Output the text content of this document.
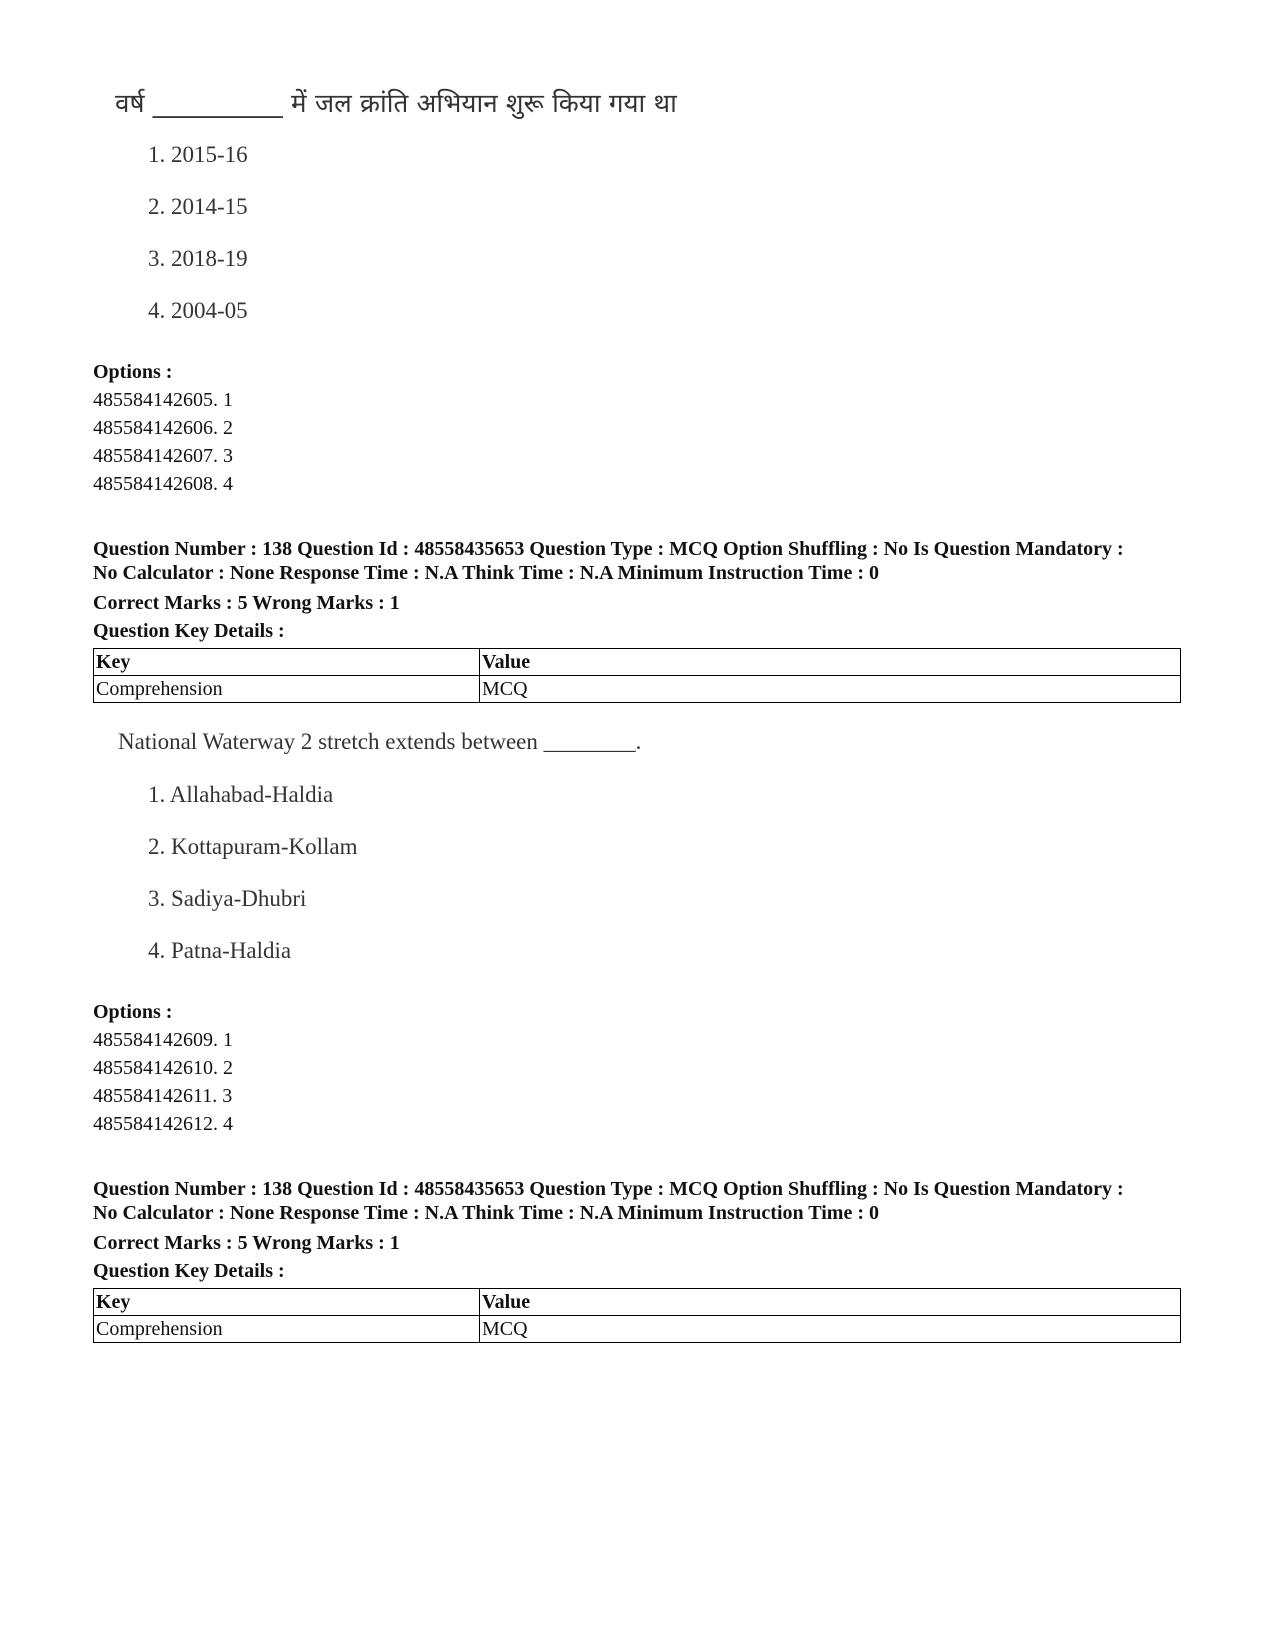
वर्ष __________ में जल क्रांति अभियान शुरू किया गया था
1. 2015-16
2. 2014-15
3. 2018-19
4. 2004-05
Options :
485584142605. 1
485584142606. 2
485584142607. 3
485584142608. 4
Question Number : 138 Question Id : 48558435653 Question Type : MCQ Option Shuffling : No Is Question Mandatory :
No Calculator : None Response Time : N.A Think Time : N.A Minimum Instruction Time : 0
Correct Marks : 5 Wrong Marks : 1
Question Key Details :
Key	Value
Comprehension	MCQ
National Waterway 2 stretch extends between ________.
1. Allahabad-Haldia
2. Kottapuram-Kollam
3. Sadiya-Dhubri
4. Patna-Haldia
Options :
485584142609. 1
485584142610. 2
485584142611. 3
485584142612. 4
Question Number : 138 Question Id : 48558435653 Question Type : MCQ Option Shuffling : No Is Question Mandatory :
No Calculator : None Response Time : N.A Think Time : N.A Minimum Instruction Time : 0
Correct Marks : 5 Wrong Marks : 1
Question Key Details :
Key	Value
Comprehension	MCQ
